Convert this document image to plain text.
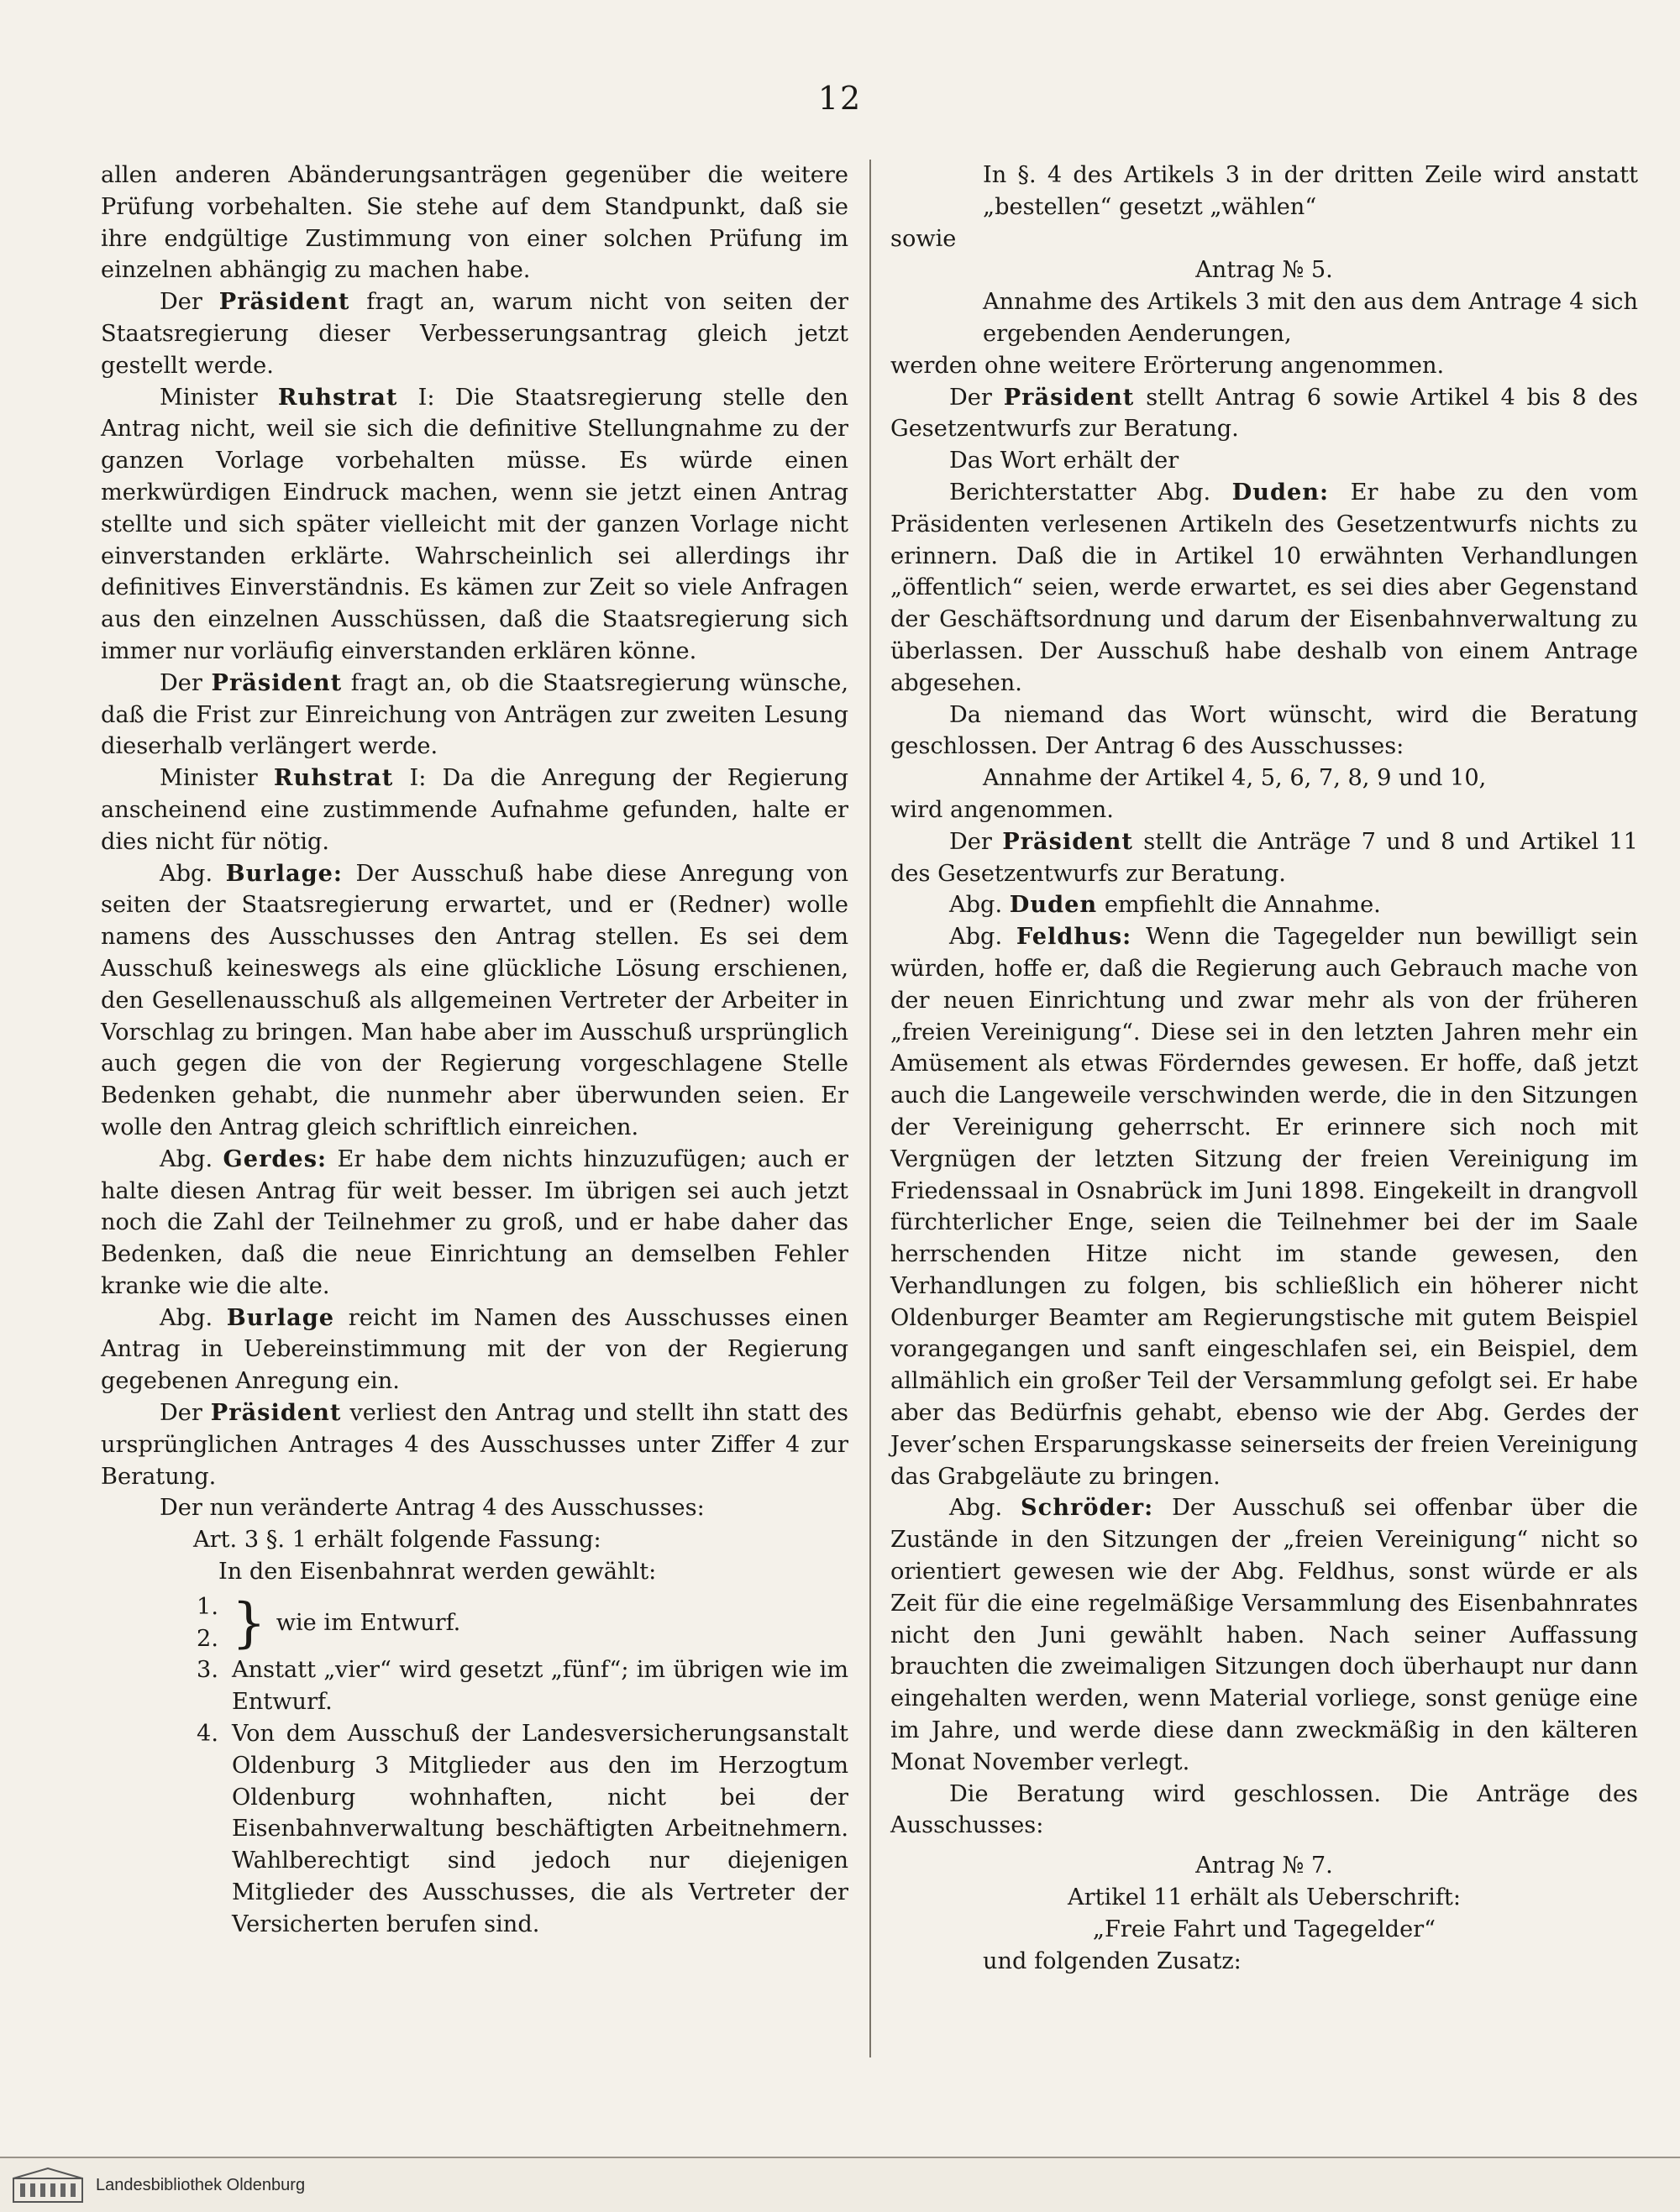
12

allen anderen Abänderungsanträgen gegenüber die weitere Prüfung vorbehalten. Sie stehe auf dem Standpunkt, daß sie ihre endgültige Zustimmung von einer solchen Prüfung im einzelnen abhängig zu machen habe.

Der Präsident fragt an, warum nicht von seiten der Staatsregierung dieser Verbesserungsantrag gleich jetzt gestellt werde.

Minister Ruhstrat I: Die Staatsregierung stelle den Antrag nicht, weil sie sich die definitive Stellungnahme zu der ganzen Vorlage vorbehalten müsse. Es würde einen merkwürdigen Eindruck machen, wenn sie jetzt einen Antrag stellte und sich später vielleicht mit der ganzen Vorlage nicht einverstanden erklärte. Wahrscheinlich sei allerdings ihr definitives Einverständnis. Es kämen zur Zeit so viele Anfragen aus den einzelnen Ausschüssen, daß die Staatsregierung sich immer nur vorläufig einverstanden erklären könne.

Der Präsident fragt an, ob die Staatsregierung wünsche, daß die Frist zur Einreichung von Anträgen zur zweiten Lesung dieserhalb verlängert werde.

Minister Ruhstrat I: Da die Anregung der Regierung anscheinend eine zustimmende Aufnahme gefunden, halte er dies nicht für nötig.

Abg. Burlage: Der Ausschuß habe diese Anregung von seiten der Staatsregierung erwartet, und er (Redner) wolle namens des Ausschusses den Antrag stellen. Es sei dem Ausschuß keineswegs als eine glückliche Lösung erschienen, den Gesellenausschuß als allgemeinen Vertreter der Arbeiter in Vorschlag zu bringen. Man habe aber im Ausschuß ursprünglich auch gegen die von der Regierung vorgeschlagene Stelle Bedenken gehabt, die nunmehr aber überwunden seien. Er wolle den Antrag gleich schriftlich einreichen.

Abg. Gerdes: Er habe dem nichts hinzuzufügen; auch er halte diesen Antrag für weit besser. Im übrigen sei auch jetzt noch die Zahl der Teilnehmer zu groß, und er habe daher das Bedenken, daß die neue Einrichtung an demselben Fehler kranke wie die alte.

Abg. Burlage reicht im Namen des Ausschusses einen Antrag in Uebereinstimmung mit der von der Regierung gegebenen Anregung ein.

Der Präsident verliest den Antrag und stellt ihn statt des ursprünglichen Antrages 4 des Ausschusses unter Ziffer 4 zur Beratung.

Der nun veränderte Antrag 4 des Ausschusses:

Art. 3 §. 1 erhält folgende Fassung:

In den Eisenbahnrat werden gewählt:

1.
2. } wie im Entwurf.
3. Anstatt „vier“ wird gesetzt „fünf“; im übrigen wie im Entwurf.
4. Von dem Ausschuß der Landesversicherungsanstalt Oldenburg 3 Mitglieder aus den im Herzogtum Oldenburg wohnhaften, nicht bei der Eisenbahnverwaltung beschäftigten Arbeitnehmern. Wahlberechtigt sind jedoch nur diejenigen Mitglieder des Ausschusses, die als Vertreter der Versicherten berufen sind.

In §. 4 des Artikels 3 in der dritten Zeile wird anstatt „bestellen“ gesetzt „wählen“

sowie

Antrag № 5.

Annahme des Artikels 3 mit den aus dem Antrage 4 sich ergebenden Aenderungen,

werden ohne weitere Erörterung angenommen.

Der Präsident stellt Antrag 6 sowie Artikel 4 bis 8 des Gesetzentwurfs zur Beratung.

Das Wort erhält der

Berichterstatter Abg. Duden: Er habe zu den vom Präsidenten verlesenen Artikeln des Gesetzentwurfs nichts zu erinnern. Daß die in Artikel 10 erwähnten Verhandlungen „öffentlich“ seien, werde erwartet, es sei dies aber Gegenstand der Geschäftsordnung und darum der Eisenbahnverwaltung zu überlassen. Der Ausschuß habe deshalb von einem Antrage abgesehen.

Da niemand das Wort wünscht, wird die Beratung geschlossen. Der Antrag 6 des Ausschusses:

Annahme der Artikel 4, 5, 6, 7, 8, 9 und 10,

wird angenommen.

Der Präsident stellt die Anträge 7 und 8 und Artikel 11 des Gesetzentwurfs zur Beratung.

Abg. Duden empfiehlt die Annahme.

Abg. Feldhus: Wenn die Tagegelder nun bewilligt sein würden, hoffe er, daß die Regierung auch Gebrauch mache von der neuen Einrichtung und zwar mehr als von der früheren „freien Vereinigung“. Diese sei in den letzten Jahren mehr ein Amüsement als etwas Förderndes gewesen. Er hoffe, daß jetzt auch die Langeweile verschwinden werde, die in den Sitzungen der Vereinigung geherrscht. Er erinnere sich noch mit Vergnügen der letzten Sitzung der freien Vereinigung im Friedenssaal in Osnabrück im Juni 1898. Eingekeilt in drangvoll fürchterlicher Enge, seien die Teilnehmer bei der im Saale herrschenden Hitze nicht im stande gewesen, den Verhandlungen zu folgen, bis schließlich ein höherer nicht Oldenburger Beamter am Regierungstische mit gutem Beispiel vorangegangen und sanft eingeschlafen sei, ein Beispiel, dem allmählich ein großer Teil der Versammlung gefolgt sei. Er habe aber das Bedürfnis gehabt, ebenso wie der Abg. Gerdes der Jever’schen Ersparungskasse seinerseits der freien Vereinigung das Grabgeläute zu bringen.

Abg. Schröder: Der Ausschuß sei offenbar über die Zustände in den Sitzungen der „freien Vereinigung“ nicht so orientiert gewesen wie der Abg. Feldhus, sonst würde er als Zeit für die eine regelmäßige Versammlung des Eisenbahnrates nicht den Juni gewählt haben. Nach seiner Auffassung brauchten die zweimaligen Sitzungen doch überhaupt nur dann eingehalten werden, wenn Material vorliege, sonst genüge eine im Jahre, und werde diese dann zweckmäßig in den kälteren Monat November verlegt.

Die Beratung wird geschlossen. Die Anträge des Ausschusses:

Antrag № 7.

Artikel 11 erhält als Ueberschrift:

„Freie Fahrt und Tagegelder“

und folgenden Zusatz:

Landesbibliothek Oldenburg
